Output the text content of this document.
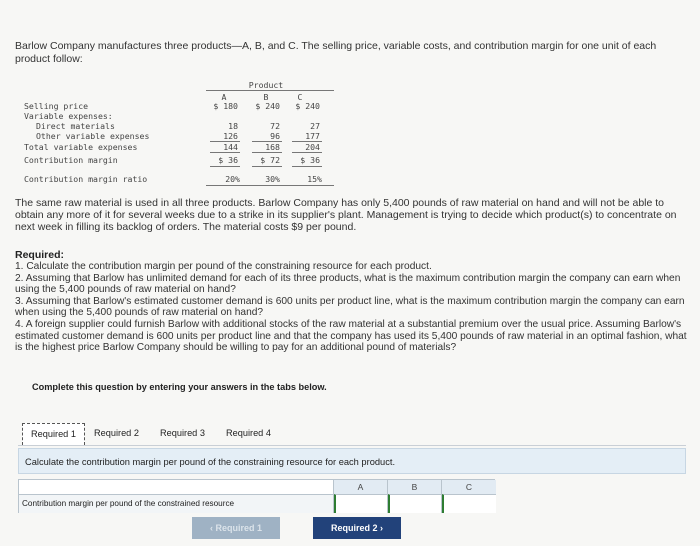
Barlow Company manufactures three products—A, B, and C. The selling price, variable costs, and contribution margin for one unit of each product follow:
Product
A	B	C
Selling price	$ 180	$ 240	$ 240
Variable expenses:
Direct materials	18	72	27
Other variable expenses	126	96	177
Total variable expenses	144	168	204
Contribution margin	$ 36	$ 72	$ 36
Contribution margin ratio	20%	30%	15%
The same raw material is used in all three products. Barlow Company has only 5,400 pounds of raw material on hand and will not be able to obtain any more of it for several weeks due to a strike in its supplier's plant. Management is trying to decide which product(s) to concentrate on next week in filling its backlog of orders. The material costs $9 per pound.
Required:

1. Calculate the contribution margin per pound of the constraining resource for each product.

2. Assuming that Barlow has unlimited demand for each of its three products, what is the maximum contribution margin the company can earn when using the 5,400 pounds of raw material on hand?

3. Assuming that Barlow's estimated customer demand is 600 units per product line, what is the maximum contribution margin the company can earn when using the 5,400 pounds of raw material on hand?

4. A foreign supplier could furnish Barlow with additional stocks of the raw material at a substantial premium over the usual price. Assuming Barlow's estimated customer demand is 600 units per product line and that the company has used its 5,400 pounds of raw material in an optimal fashion, what is the highest price Barlow Company should be willing to pay for an additional pound of materials?

Complete this question by entering your answers in the tabs below.
Required 1	Required 2	Required 3	Required 4
Calculate the contribution margin per pound of the constraining resource for each product.
A	B	C
Contribution margin per pound of the constrained resource
‹ Required 1	Required 2 ›
